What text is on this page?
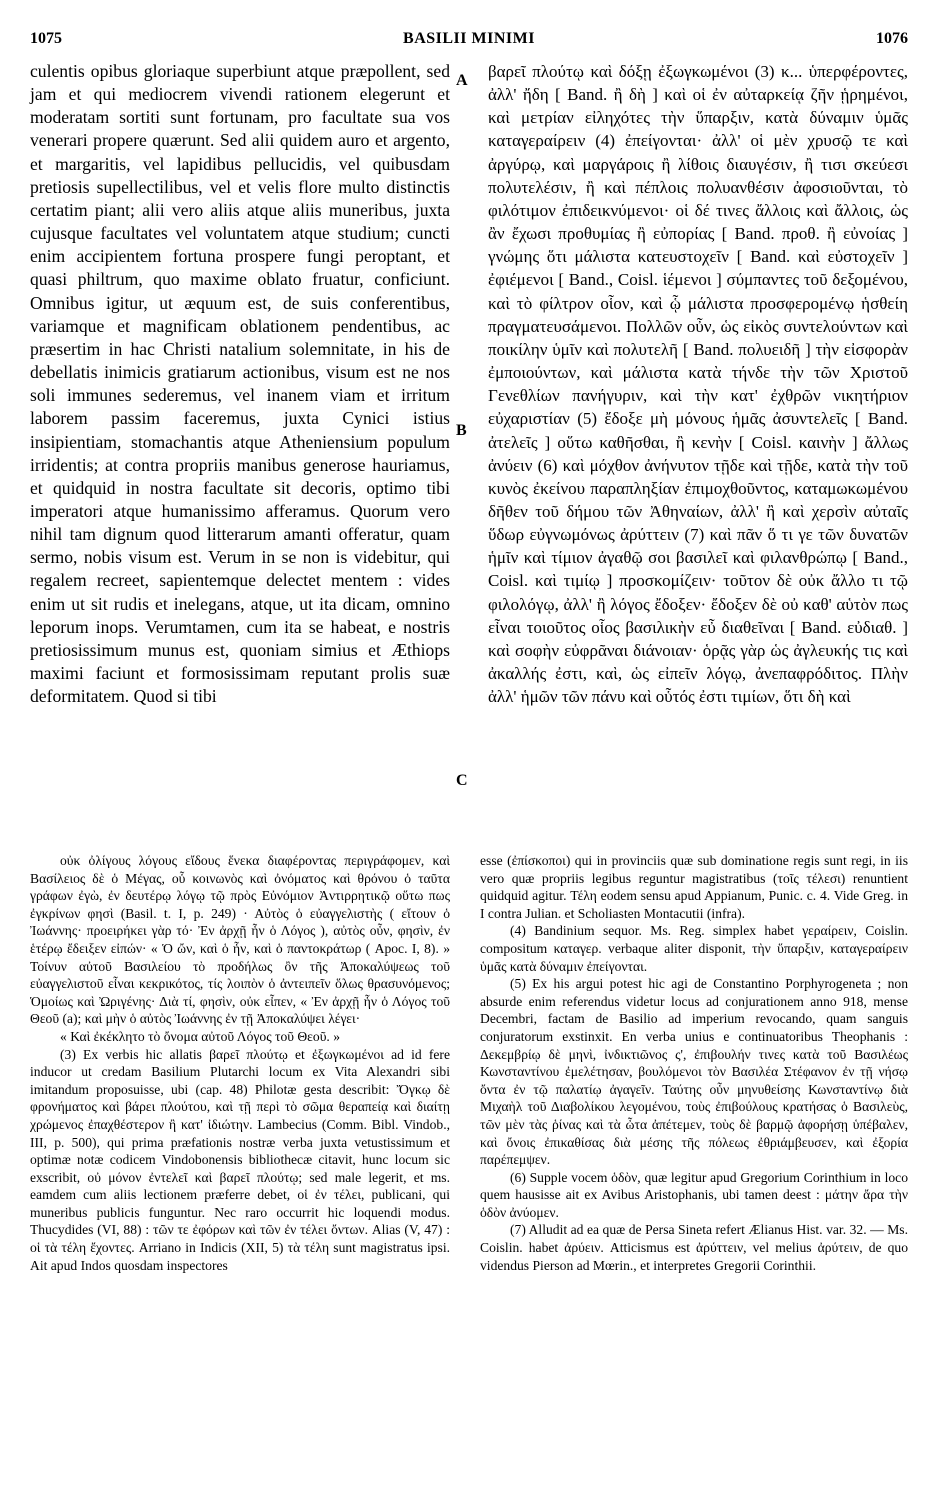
1075	BASILII MINIMI	1076

culentis opibus gloriaque superbiunt atque præpollent, sed jam et qui mediocrem vivendi rationem elegerunt et moderatam sortiti sunt fortunam, pro facultate sua vos venerari propere quærunt. Sed alii quidem auro et argento, et margaritis, vel lapidibus pellucidis, vel quibusdam pretiosis supellectilibus, vel et velis flore multo distinctis certatim piant; alii vero aliis atque aliis muneribus, juxta cujusque facultates vel voluntatem atque studium; cuncti enim accipientem fortuna prospere fungi peroptant, et quasi philtrum, quo maxime oblato fruatur, conficiunt. Omnibus igitur, ut æquum est, de suis conferentibus, variamque et magnificam oblationem pendentibus, ac præsertim in hac Christi natalium solemnitate, in his de debellatis inimicis gratiarum actionibus, visum est ne nos soli immunes sederemus, vel inanem viam et irritum laborem passim faceremus, juxta Cynici istius insipientiam, stomachantis atque Atheniensium populum irridentis; at contra propriis manibus generose hauriamus, et quidquid in nostra facultate sit decoris, optimo tibi imperatori atque humanissimo afferamus. Quorum vero nihil tam dignum quod litterarum amanti offeratur, quam sermo, nobis visum est. Verum in se non is videbitur, qui regalem recreet, sapientemque delectet mentem : vides enim ut sit rudis et inelegans, atque, ut ita dicam, omnino leporum inops. Verumtamen, cum ita se habeat, e nostris pretiosissimum munus est, quoniam simius et Æthiops maximi faciunt et formosissimam reputant prolis suæ deformitatem. Quod si tibi

A
B
C

βαρεῖ πλούτῳ καὶ δόξῃ ἐξωγκωμένοι (3) κ... ὑπερφέροντες, ἀλλ' ἤδη [ Band. ἢ δὴ ] καὶ οἱ ἐν αὐταρκείᾳ ζῆν ᾑρημένοι, καὶ μετρίαν εἰληχότες τὴν ὕπαρξιν, κατὰ δύναμιν ὑμᾶς καταγεραίρειν (4) ἐπείγονται· ἀλλ' οἱ μὲν χρυσῷ τε καὶ ἀργύρῳ, καὶ μαργάροις ἢ λίθοις διαυγέσιν, ἢ τισι σκεύεσι πολυτελέσιν, ἢ καὶ πέπλοις πολυανθέσιν ἀφοσιοῦνται, τὸ φιλότιμον ἐπιδεικνύμενοι· οἱ δέ τινες ἄλλοις καὶ ἄλλοις, ὡς ἂν ἔχωσι προθυμίας ἢ εὐπορίας [ Band. προθ. ἢ εὐνοίας ] γνώμης ὅτι μάλιστα κατευστοχεῖν [ Band. καὶ εὐστοχεῖν ] ἐφιέμενοι [ Band., Coisl. ἱέμενοι ] σύμπαντες τοῦ δεξομένου, καὶ τὸ φίλτρον οἷον, καὶ ᾧ μάλιστα προσφερομένῳ ἡσθείη πραγματευσάμενοι. Πολλῶν οὖν, ὡς εἰκὸς συντελούντων καὶ ποικίλην ὑμῖν καὶ πολυτελῆ [ Band. πολυειδῆ ] τὴν εἰσφορὰν ἐμποιούντων, καὶ μάλιστα κατὰ τήνδε τὴν τῶν Χριστοῦ Γενεθλίων πανήγυριν, καὶ τὴν κατ' ἐχθρῶν νικητήριον εὐχαριστίαν (5) ἔδοξε μὴ μόνους ἡμᾶς ἀσυντελεῖς [ Band. ἀτελεῖς ] οὕτω καθῆσθαι, ἢ κενὴν [ Coisl. καινὴν ] ἄλλως ἀνύειν (6) καὶ μόχθον ἀνήνυτον τῇδε καὶ τῇδε, κατὰ τὴν τοῦ κυνὸς ἐκείνου παραπληξίαν ἐπιμοχθοῦντος, καταμωκωμένου δῆθεν τοῦ δήμου τῶν Ἀθηναίων, ἀλλ' ἢ καὶ χερσὶν αὐταῖς ὕδωρ εὐγνωμόνως ἀρύττειν (7) καὶ πᾶν ὅ τι γε τῶν δυνατῶν ἡμῖν καὶ τίμιον ἀγαθῷ σοι βασιλεῖ καὶ φιλανθρώπῳ [ Band., Coisl. καὶ τιμίῳ ] προσκομίζειν· τοῦτον δὲ οὐκ ἄλλο τι τῷ φιλολόγῳ, ἀλλ' ἢ λόγος ἔδοξεν· ἔδοξεν δὲ οὐ καθ' αὑτὸν πως εἶναι τοιοῦτος οἷος βασιλικὴν εὖ διαθεῖναι [ Band. εὐδιαθ. ] καὶ σοφὴν εὐφρᾶναι διάνοιαν· ὁρᾷς γὰρ ὡς ἀγλευκής τις καὶ ἀκαλλής ἐστι, καὶ, ὡς εἰπεῖν λόγῳ, ἀνεπαφρόδιτος. Πλὴν ἀλλ' ἡμῶν τῶν πάνυ καὶ οὗτός ἐστι τιμίων, ὅτι δὴ καὶ

οὐκ ὀλίγους λόγους εἴδους ἕνεκα διαφέροντας περιγράφομεν, καὶ Βασίλειος δὲ ὁ Μέγας, οὗ κοινωνὸς καὶ ὀνόματος καὶ θρόνου ὁ ταῦτα γράφων ἐγὼ, ἐν δευτέρῳ λόγῳ τῷ πρὸς Εὐνόμιον Ἀντιρρητικῷ οὕτω πως ἐγκρίνων φησὶ (Basil. t. I, p. 249) · Αὐτὸς ὁ εὐαγγελιστὴς ( εἴτουν ὁ Ἰωάννης· προειρήκει γὰρ τό· Ἐν ἀρχῇ ἦν ὁ Λόγος ), αὐτὸς οὖν, φησὶν, ἐν ἑτέρῳ ἔδειξεν εἰπών· « Ὁ ὤν, καὶ ὁ ἦν, καὶ ὁ παντοκράτωρ ( Apoc. I, 8). » Τοίνυν αὐτοῦ Βασιλείου τὸ προδήλως ὂν τῆς Ἀποκαλύψεως τοῦ εὐαγγελιστοῦ εἶναι κεκρικότος, τίς λοιπὸν ὁ ἀντειπεῖν ὅλως θρασυνόμενος; Ὁμοίως καὶ Ὠριγένης· Διὰ τί, φησὶν, οὐκ εἶπεν, « Ἐν ἀρχῇ ἦν ὁ Λόγος τοῦ Θεοῦ (a); καὶ μὴν ὁ αὐτὸς Ἰωάννης ἐν τῇ Ἀποκαλύψει λέγει·

« Καὶ ἐκέκλητο τὸ ὄνομα αὐτοῦ Λόγος τοῦ Θεοῦ. »

(3) Ex verbis hic allatis βαρεῖ πλούτῳ et ἐξωγκωμένοι ad id fere inducor ut credam Basilium Plutarchi locum ex Vita Alexandri sibi imitandum proposuisse, ubi (cap. 48) Philotæ gesta describit: Ὄγκῳ δὲ φρονήματος καὶ βάρει πλούτου, καὶ τῇ περὶ τὸ σῶμα θεραπείᾳ καὶ διαίτῃ χρώμενος ἐπαχθέστερον ἢ κατ' ἰδιώτην. Lambecius (Comm. Bibl. Vindob., III, p. 500), qui prima præfationis nostræ verba juxta vetustissimum et optimæ notæ codicem Vindobonensis bibliothecæ citavit, hunc locum sic exscribit, οὐ μόνον ἐντελεῖ καὶ βαρεῖ πλούτῳ; sed male legerit, et ms. eamdem cum aliis lectionem præferre debet, οἱ ἐν τέλει, publicani, qui muneribus publicis funguntur. Nec raro occurrit hic loquendi modus. Thucydides (VI, 88) : τῶν τε ἐφόρων καὶ τῶν ἐν τέλει ὄντων. Alias (V, 47) : οἱ τὰ τέλη ἔχοντες. Arriano in Indicis (XII, 5) τὰ τέλη sunt magistratus ipsi. Ait apud Indos quosdam inspectores

esse (ἐπίσκοποι) qui in provinciis quæ sub dominatione regis sunt regi, in iis vero quæ propriis legibus reguntur magistratibus (τοῖς τέλεσι) renuntient quidquid agitur. Τέλη eodem sensu apud Appianum, Punic. c. 4. Vide Greg. in I contra Julian. et Scholiasten Montacutii (infra).

(4) Bandinium sequor. Ms. Reg. simplex habet γεραίρειν, Coislin. compositum καταγερ. verbaque aliter disponit, τὴν ὕπαρξιν, καταγεραίρειν ὑμᾶς κατὰ δύναμιν ἐπείγονται.

(5) Ex his argui potest hic agi de Constantino Porphyrogeneta ; non absurde enim referendus videtur locus ad conjurationem anno 918, mense Decembri, factam de Basilio ad imperium revocando, quam sanguis conjuratorum exstinxit. En verba unius e continuatoribus Theophanis : Δεκεμβρίῳ δὲ μηνὶ, ἰνδικτιῶνος ς', ἐπιβουλήν τινες κατὰ τοῦ Βασιλέως Κωνσταντίνου ἐμελέτησαν, βουλόμενοι τὸν Βασιλέα Στέφανον ἐν τῇ νήσῳ ὄντα ἐν τῷ παλατίῳ ἀγαγεῖν. Ταύτης οὖν μηνυθείσης Κωνσταντίνῳ διὰ Μιχαὴλ τοῦ Διαβολίκου λεγομένου, τοὺς ἐπιβούλους κρατήσας ὁ Βασιλεὺς, τῶν μὲν τὰς ῥίνας καὶ τὰ ὦτα ἀπέτεμεν, τοὺς δὲ βαρμῷ ἀφορήσῃ ὑπέβαλεν, καὶ ὄνοις ἐπικαθίσας διὰ μέσης τῆς πόλεως ἐθριάμβευσεν, καὶ ἐξορία παρέπεμψεν.

(6) Supple vocem ὁδὸν, quæ legitur apud Gregorium Corinthium in loco quem hausisse ait ex Avibus Aristophanis, ubi tamen deest : μάτην ἄρα τὴν ὁδὸν ἀνύομεν.

(7) Alludit ad ea quæ de Persa Sineta refert Ælianus Hist. var. 32. — Ms. Coislin. habet ἀρύειν. Atticismus est ἀρύττειν, vel melius ἀρύτειν, de quo videndus Pierson ad Mœrin., et interpretes Gregorii Corinthii.
